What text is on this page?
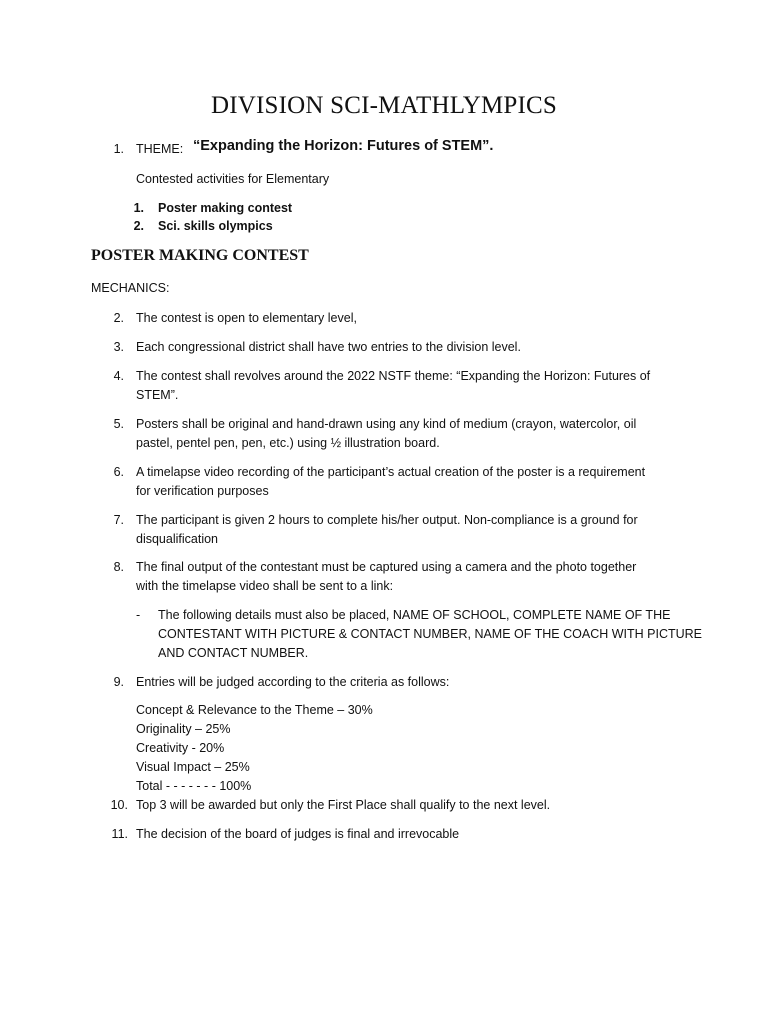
DIVISION SCI-MATHLYMPICS
1. THEME: “Expanding the Horizon: Futures of STEM”.
Contested activities for Elementary
1. Poster making contest
2. Sci. skills olympics
POSTER MAKING CONTEST
MECHANICS:
2. The contest is open to elementary level,
3. Each congressional district shall have two entries to the division level.
4. The contest shall revolves around the 2022 NSTF theme: “Expanding the Horizon: Futures of
STEM”.
5. Posters shall be original and hand-drawn using any kind of medium (crayon, watercolor, oil
pastel, pentel pen, pen, etc.) using ½ illustration board.
6. A timelapse video recording of the participant’s actual creation of the poster is a requirement
for verification purposes
7. The participant is given 2 hours to complete his/her output. Non-compliance is a ground for
disqualification
8. The final output of the contestant must be captured using a camera and the photo together
with the timelapse video shall be sent to a link:
- The following details must also be placed, NAME OF SCHOOL, COMPLETE NAME OF THE
CONTESTANT WITH PICTURE & CONTACT NUMBER, NAME OF THE COACH WITH PICTURE
AND CONTACT NUMBER.
9. Entries will be judged according to the criteria as follows:
Concept & Relevance to the Theme – 30%
Originality – 25%
Creativity - 20%
Visual Impact – 25%
Total - - - - - - - 100%
10. Top 3 will be awarded but only the First Place shall qualify to the next level.
11. The decision of the board of judges is final and irrevocable
